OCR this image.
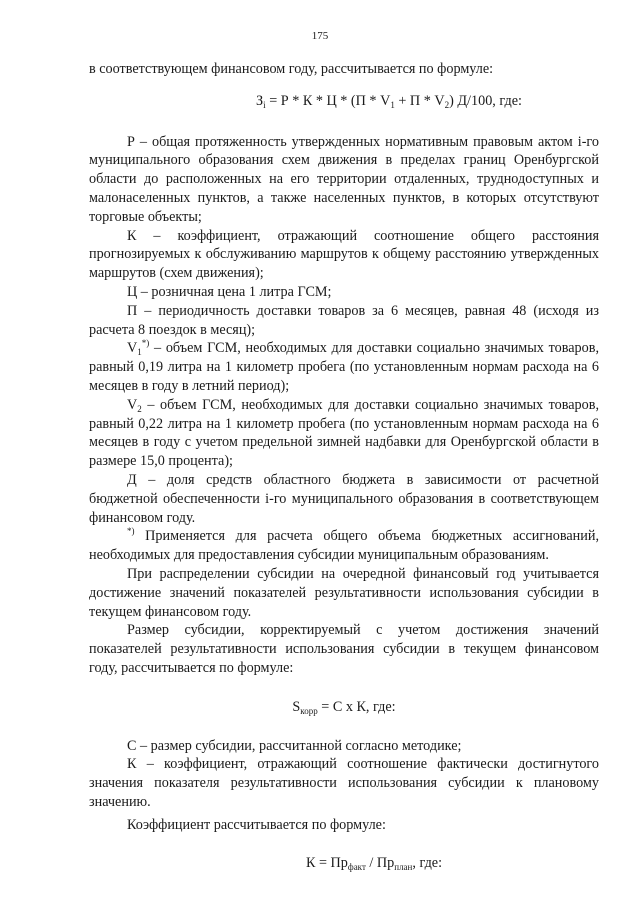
175

в соответствующем финансовом году, рассчитывается по формуле:

$З_i = Р * К * Ц * (П * V_1 + П * V_2)$ Д/100, где:

Р – общая протяженность утвержденных нормативным правовым актом i-го муниципального образования схем движения в пределах границ Оренбургской области до расположенных на его территории отдаленных, труднодоступных и малонаселенных пунктов, а также населенных пунктов, в которых отсутствуют торговые объекты;

К – коэффициент, отражающий соотношение общего расстояния прогнозируемых к обслуживанию маршрутов к общему расстоянию утвержденных маршрутов (схем движения);

Ц – розничная цена 1 литра ГСМ;

П – периодичность доставки товаров за 6 месяцев, равная 48 (исходя из расчета 8 поездок в месяц);

$V_1^{*)}$ – объем ГСМ, необходимых для доставки социально значимых товаров, равный 0,19 литра на 1 километр пробега (по установленным нормам расхода на 6 месяцев в году в летний период);

$V_2$ – объем ГСМ, необходимых для доставки социально значимых товаров, равный 0,22 литра на 1 километр пробега (по установленным нормам расхода на 6 месяцев в году с учетом предельной зимней надбавки для Оренбургской области в размере 15,0 процента);

Д – доля средств областного бюджета в зависимости от расчетной бюджетной обеспеченности i-го муниципального образования в соответствующем финансовом году.

*) Применяется для расчета общего объема бюджетных ассигнований, необходимых для предоставления субсидии муниципальным образованиям.

При распределении субсидии на очередной финансовый год учитывается достижение значений показателей результативности использования субсидии в текущем финансовом году.

Размер субсидии, корректируемый с учетом достижения значений показателей результативности использования субсидии в текущем финансовом году, рассчитывается по формуле:

$S_{корр} = С$ х К, где:

С – размер субсидии, рассчитанной согласно методике;

К – коэффициент, отражающий соотношение фактически достигнутого значения показателя результативности использования субсидии к плановому значению.

Коэффициент рассчитывается по формуле:

$К = Пр_{факт} / Пр_{план}$, где:
